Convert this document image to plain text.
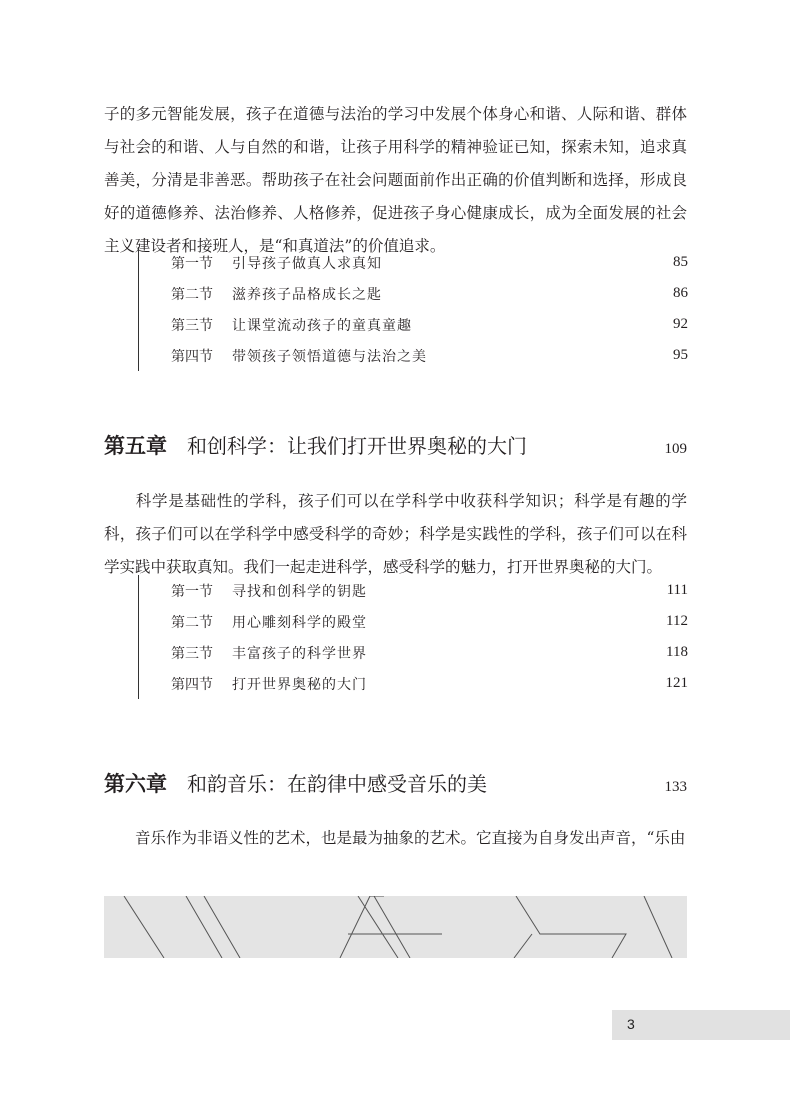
子的多元智能发展，孩子在道德与法治的学习中发展个体身心和谐、人际和谐、群体与社会的和谐、人与自然的和谐，让孩子用科学的精神验证已知，探索未知，追求真善美，分清是非善恶。帮助孩子在社会问题面前作出正确的价值判断和选择，形成良好的道德修养、法治修养、人格修养，促进孩子身心健康成长，成为全面发展的社会主义建设者和接班人，是“和真道法”的价值追求。

第一节	引导孩子做真人求真知	85
第二节	滋养孩子品格成长之匙	86
第三节	让课堂流动孩子的童真童趣	92
第四节	带领孩子领悟道德与法治之美	95
第五章 和创科学：让我们打开世界奥秘的大门	109

科学是基础性的学科，孩子们可以在学科学中收获科学知识；科学是有趣的学科，孩子们可以在学科学中感受科学的奇妙；科学是实践性的学科，孩子们可以在科学实践中获取真知。我们一起走进科学，感受科学的魅力，打开世界奥秘的大门。

第一节	寻找和创科学的钥匙	111
第二节	用心雕刻科学的殿堂	112
第三节	丰富孩子的科学世界	118
第四节	打开世界奥秘的大门	121
第六章 和韵音乐：在韵律中感受音乐的美	133

音乐作为非语义性的艺术，也是最为抽象的艺术。它直接为自身发出声音，“乐由

3
